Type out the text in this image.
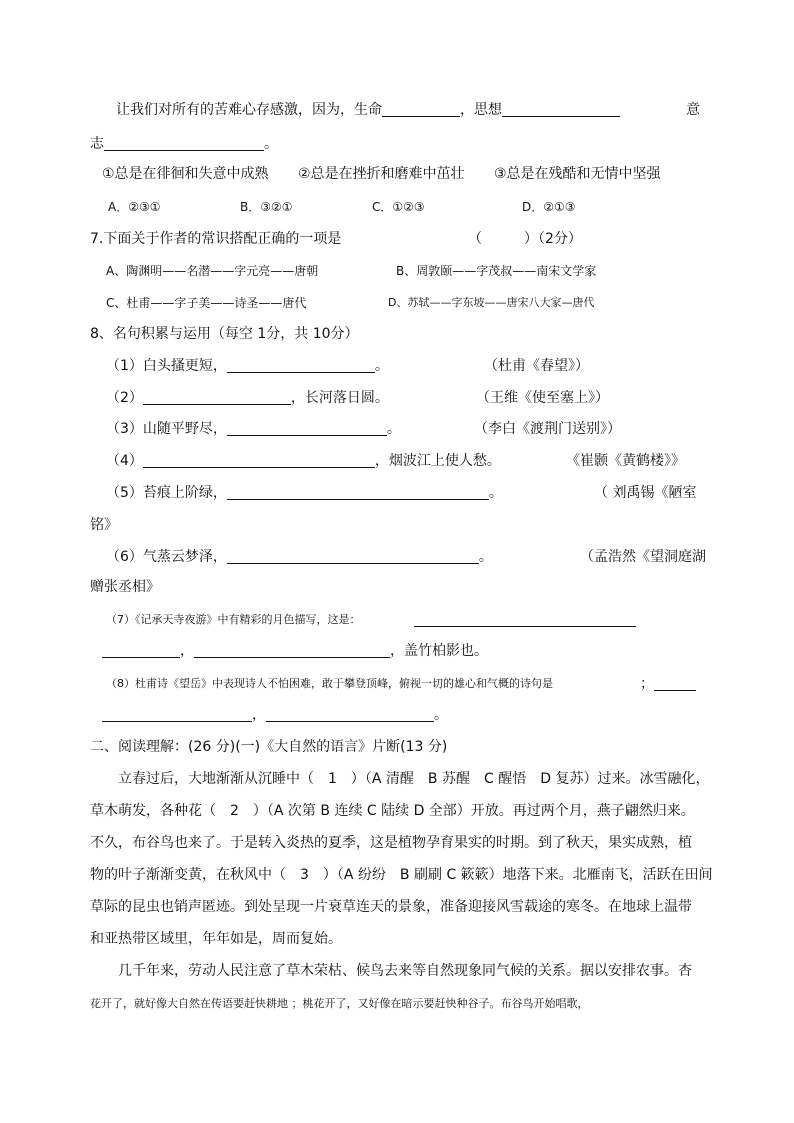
让我们对所有的苦难心存感激，因为，生命	，思想	意
志	。
①总是在徘徊和失意中成熟 ②总是在挫折和磨难中茁壮 ③总是在残酷和无情中坚强
A．②③①	B．③②①	C．①②③	D．②①③
7.下面关于作者的常识搭配正确的一项是	（　　　）（2分）
A、陶渊明——名潜——字元亮——唐朝	B、周敦颐——字茂叔——南宋文学家
C、杜甫——字子美——诗圣——唐代	D、苏轼——字东坡——唐宋八大家—唐代
8、名句积累与运用（每空 1分，共 10分）
（1）白头搔更短，	。	（杜甫《春望》）
（2）	，长河落日圆。	（王维《使至塞上》）
（3）山随平野尽，	。	（李白《渡荆门送别》）
（4）	，烟波江上使人愁。	《崔颢《黄鹤楼》》
（5）苔痕上阶绿，	。	（ 刘禹锡《陋室
铭》
（6）气蒸云梦泽，	。	（孟浩然《望洞庭湖
赠张丞相》
（7）《记承天寺夜游》中有精彩的月色描写，这是：
，	，盖竹柏影也。
（8）杜甫诗《望岳》中表现诗人不怕困难，敢于攀登顶峰，俯视一切的雄心和气概的诗句是	；
，	。
二、阅读理解：(26 分)(一)《大自然的语言》片断(13 分)
立春过后，大地渐渐从沉睡中（　1　）（A 清醒　B 苏醒　C 醒悟　D 复苏）过来。冰雪融化，
草木萌发，各种花（　2　）（A 次第 B 连续 C 陆续 D 全部）开放。再过两个月，燕子翩然归来。
不久，布谷鸟也来了。于是转入炎热的夏季，这是植物孕育果实的时期。到了秋天，果实成熟，植
物的叶子渐渐变黄，在秋风中（　3　）（A 纷纷　B 刷刷 C 簌簌）地落下来。北雁南飞，活跃在田间
草际的昆虫也销声匿迹。到处呈现一片衰草连天的景象，准备迎接风雪载途的寒冬。在地球上温带
和亚热带区域里，年年如是，周而复始。
几千年来，劳动人民注意了草木荣枯、候鸟去来等自然现象同气候的关系。据以安排农事。杏
花开了，就好像大自然在传语要赶快耕地 ；桃花开了，又好像在暗示要赶快种谷子。布谷鸟开始唱歌，
